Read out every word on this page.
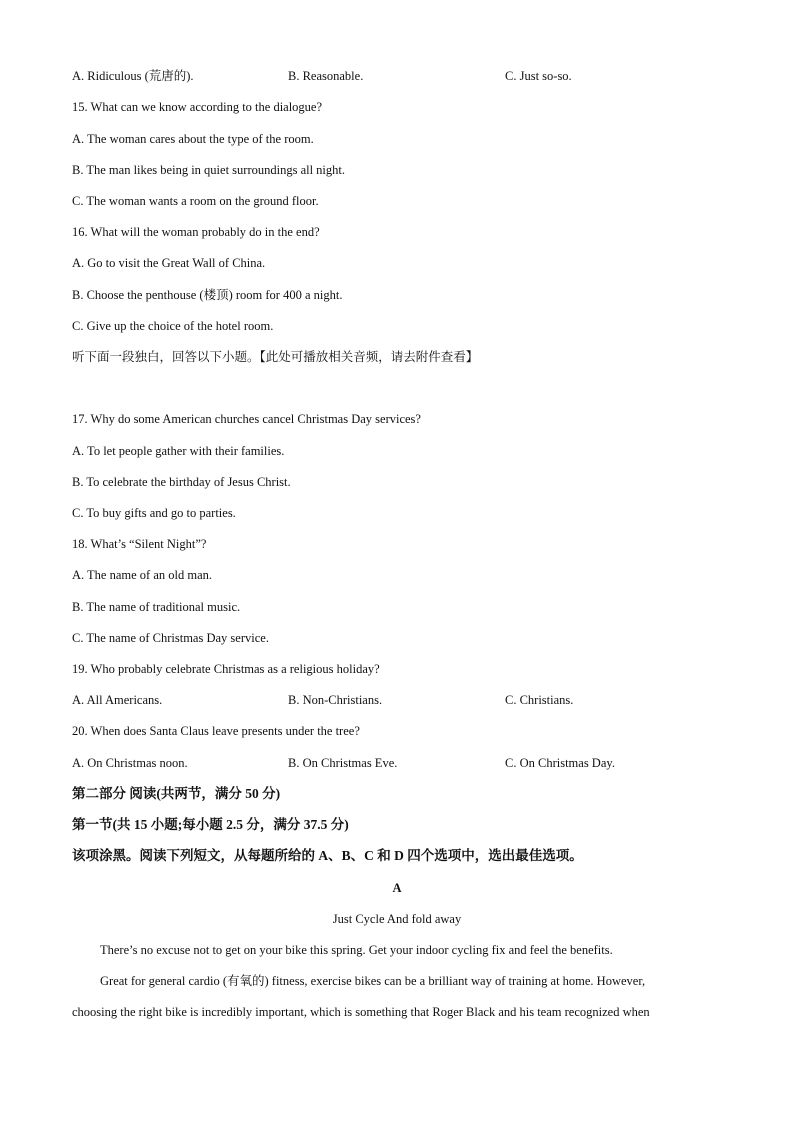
A. Ridiculous (荒唐的).	B. Reasonable.	C. Just so-so.
15. What can we know according to the dialogue?
A. The woman cares about the type of the room.
B. The man likes being in quiet surroundings all night.
C. The woman wants a room on the ground floor.
16. What will the woman probably do in the end?
A. Go to visit the Great Wall of China.
B. Choose the penthouse (楼顶) room for 400 a night.
C. Give up the choice of the hotel room.
听下面一段独白，回答以下小题。【此处可播放相关音频，请去附件查看】
17. Why do some American churches cancel Christmas Day services?
A. To let people gather with their families.
B. To celebrate the birthday of Jesus Christ.
C. To buy gifts and go to parties.
18. What’s “Silent Night”?
A. The name of an old man.
B. The name of traditional music.
C. The name of Christmas Day service.
19. Who probably celebrate Christmas as a religious holiday?
A. All Americans.	B. Non-Christians.	C. Christians.
20. When does Santa Claus leave presents under the tree?
A. On Christmas noon.	B. On Christmas Eve.	C. On Christmas Day.
第二部分 阅读(共两节，满分 50 分)
第一节(共 15 小题;每小题 2.5 分，满分 37.5 分)
该项涂黑。阅读下列短文，从每题所给的 A、B、C 和 D 四个选项中，选出最佳选项。
A
Just Cycle And fold away
There’s no excuse not to get on your bike this spring. Get your indoor cycling fix and feel the benefits.
Great for general cardio (有氧的) fitness, exercise bikes can be a brilliant way of training at home. However,
choosing the right bike is incredibly important, which is something that Roger Black and his team recognized when
